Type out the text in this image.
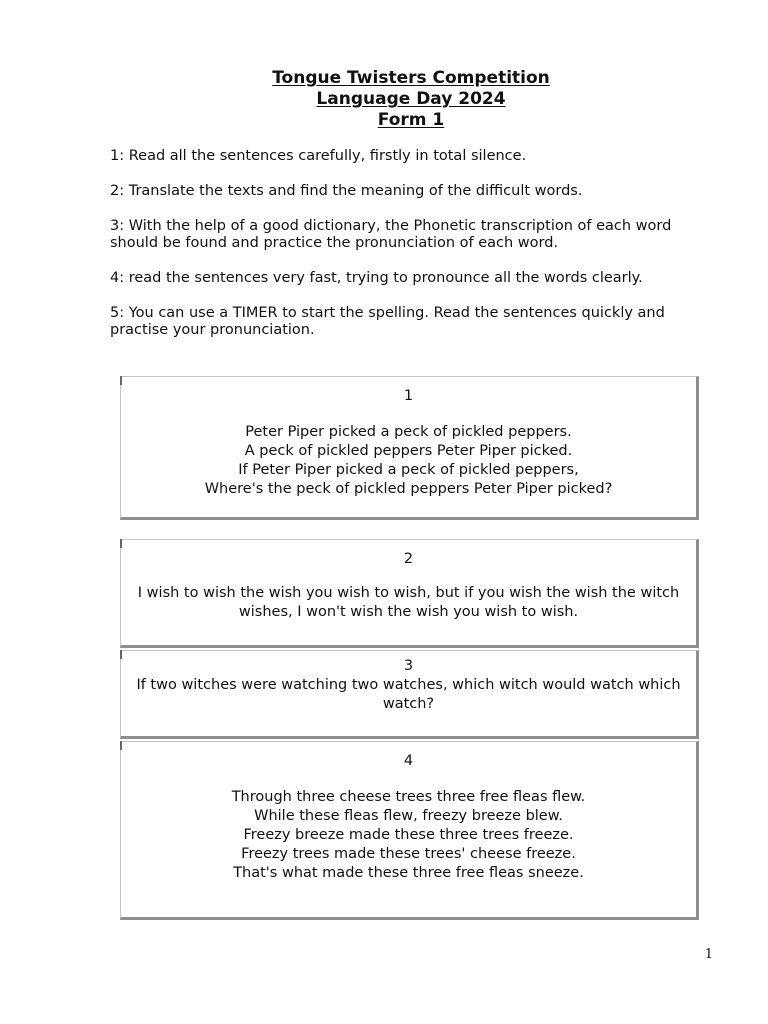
Tongue Twisters Competition
Language Day 2024
Form 1

1: Read all the sentences carefully, firstly in total silence.

2: Translate the texts and find the meaning of the difficult words.

3: With the help of a good dictionary, the Phonetic transcription of each word should be found and practice the pronunciation of each word.

4: read the sentences very fast, trying to pronounce all the words clearly.

5: You can use a TIMER to start the spelling. Read the sentences quickly and practise your pronunciation.

1
Peter Piper picked a peck of pickled peppers.
A peck of pickled peppers Peter Piper picked.
If Peter Piper picked a peck of pickled peppers,
Where's the peck of pickled peppers Peter Piper picked?
2
I wish to wish the wish you wish to wish, but if you wish the wish the witch wishes, I won't wish the wish you wish to wish.
3
If two witches were watching two watches, which witch would watch which watch?
4
Through three cheese trees three free fleas flew.
While these fleas flew, freezy breeze blew.
Freezy breeze made these three trees freeze.
Freezy trees made these trees' cheese freeze.
That's what made these three free fleas sneeze.
1
